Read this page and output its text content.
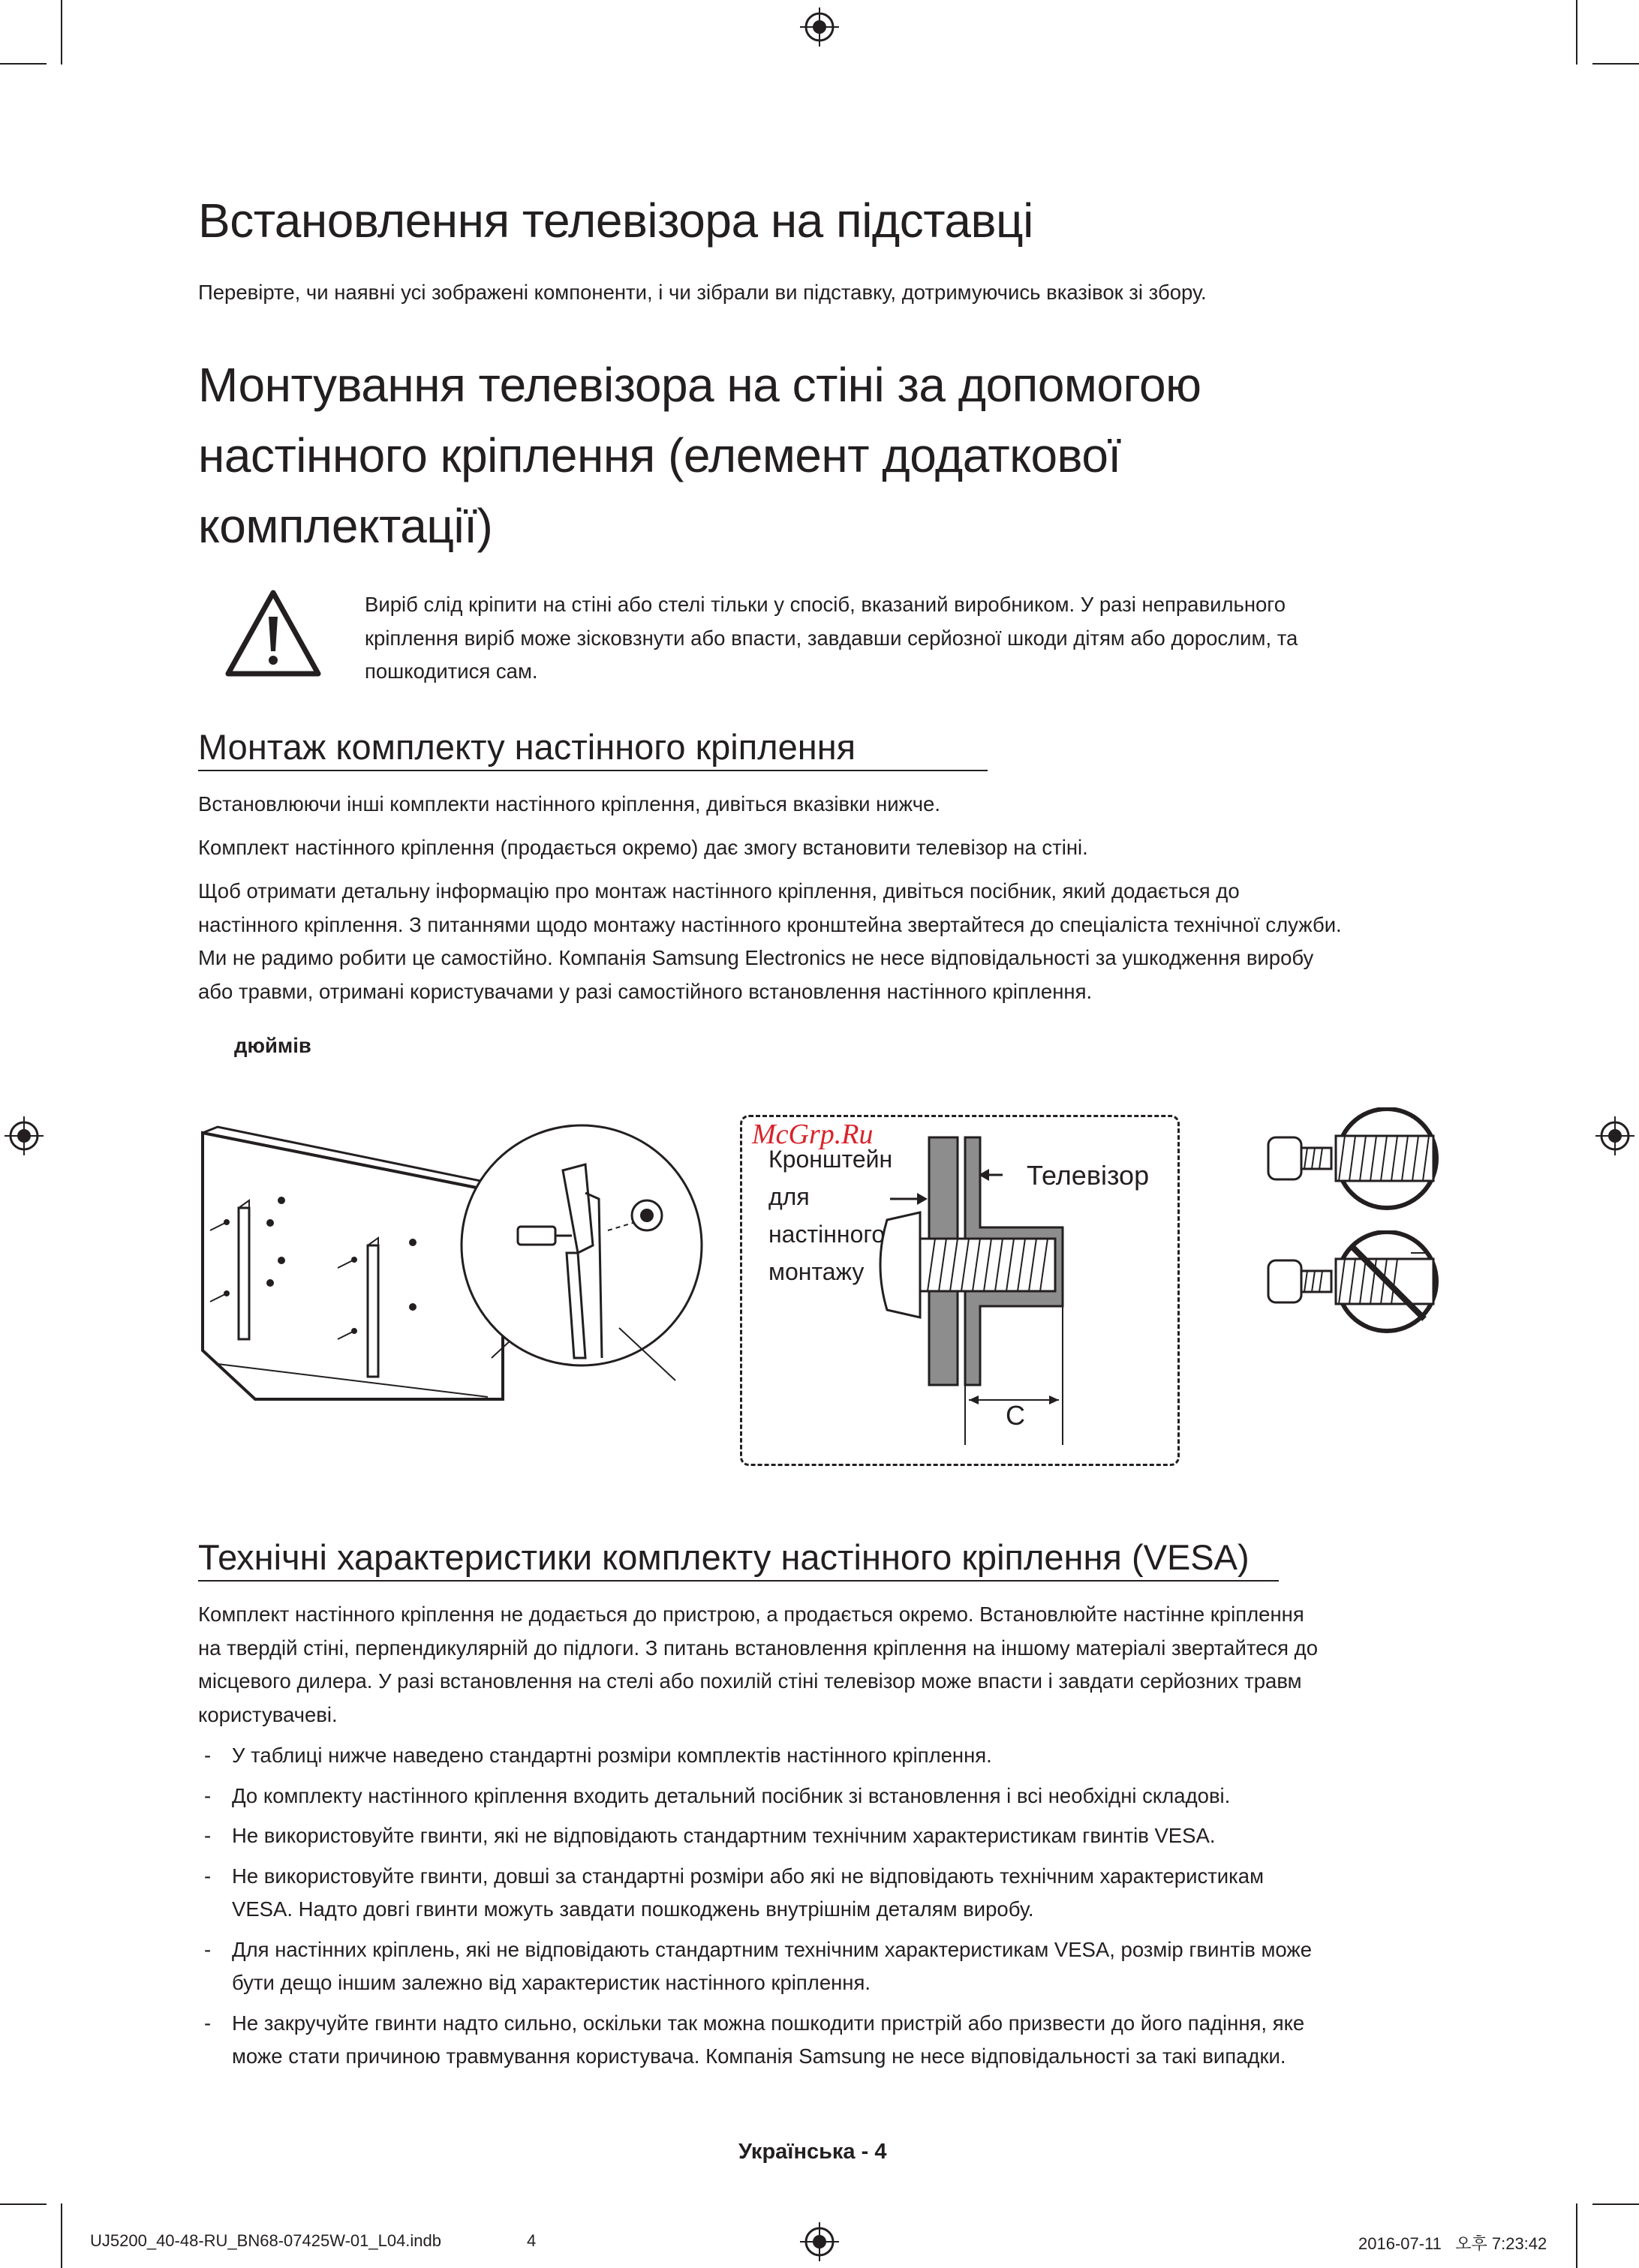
Встановлення телевізора на підставці
Перевірте, чи наявні усі зображені компоненти, і чи зібрали ви підставку, дотримуючись вказівок зі збору.
Монтування телевізора на стіні за допомогою
настінного кріплення (елемент додаткової
комплектації)
Виріб слід кріпити на стіні або стелі тільки у спосіб, вказаний виробником. У разі неправильного
кріплення виріб може зісковзнути або впасти, завдавши серйозної шкоди дітям або дорослим, та
пошкодитися сам.
Монтаж комплекту настінного кріплення
Встановлюючи інші комплекти настінного кріплення, дивіться вказівки нижче.
Комплект настінного кріплення (продається окремо) дає змогу встановити телевізор на стіні.
Щоб отримати детальну інформацію про монтаж настінного кріплення, дивіться посібник, який додається до
настінного кріплення. З питаннями щодо монтажу настінного кронштейна звертайтеся до спеціаліста технічної служби.
Ми не радимо робити це самостійно. Компанія Samsung Electronics не несе відповідальності за ушкодження виробу
або травми, отримані користувачами у разі самостійного встановлення настінного кріплення.
дюймів
McGrp.Ru
Кронштейн
для
настінного
монтажу
Телевізор
C
Технічні характеристики комплекту настінного кріплення (VESA)
Комплект настінного кріплення не додається до пристрою, а продається окремо. Встановлюйте настінне кріплення
на твердій стіні, перпендикулярній до підлоги. З питань встановлення кріплення на іншому матеріалі звертайтеся до
місцевого дилера. У разі встановлення на стелі або похилій стіні телевізор може впасти і завдати серйозних травм
користувачеві.
- У таблиці нижче наведено стандартні розміри комплектів настінного кріплення.
- До комплекту настінного кріплення входить детальний посібник зі встановлення і всі необхідні складові.
- Не використовуйте гвинти, які не відповідають стандартним технічним характеристикам гвинтів VESA.
- Не використовуйте гвинти, довші за стандартні розміри або які не відповідають технічним характеристикам
VESA. Надто довгі гвинти можуть завдати пошкоджень внутрішнім деталям виробу.
- Для настінних кріплень, які не відповідають стандартним технічним характеристикам VESA, розмір гвинтів може
бути дещо іншим залежно від характеристик настінного кріплення.
- Не закручуйте гвинти надто сильно, оскільки так можна пошкодити пристрій або призвести до його падіння, яке
може стати причиною травмування користувача. Компанія Samsung не несе відповідальності за такі випадки.
Українська - 4
UJ5200_40-48-RU_BN68-07425W-01_L04.indb	4	2016-07-11   오후 7:23:42
